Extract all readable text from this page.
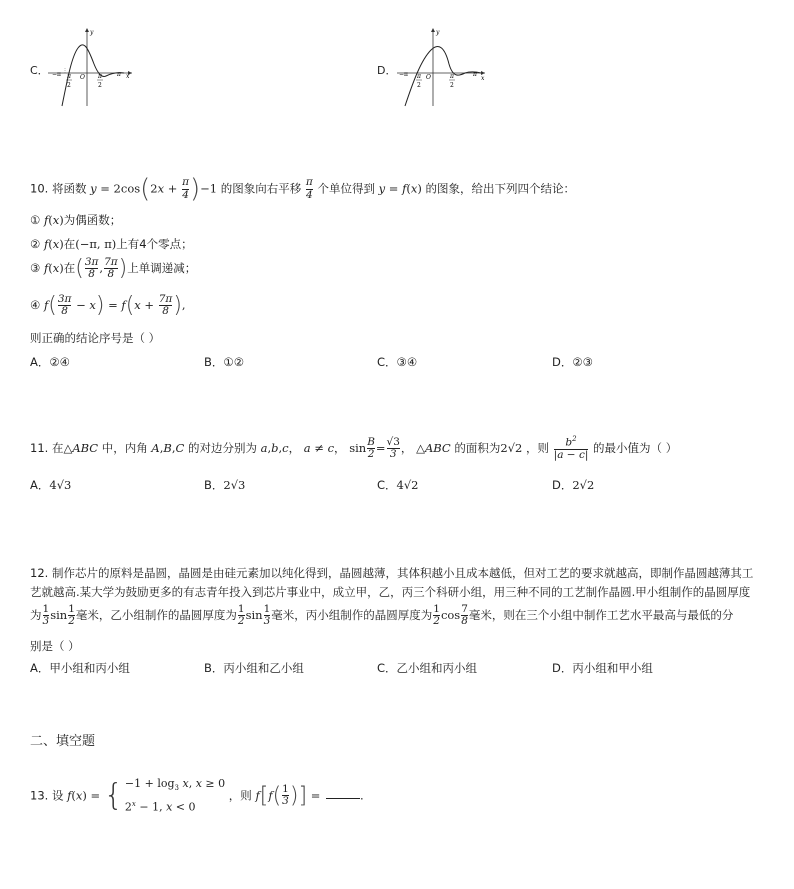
C． −π π
2
O π
2
π x
y
D． −π π
2
O	π
2
π
x
y
10. 将函数 $y = 2\cos(2x + \frac{\pi}{4} )-1$ 的图象向右平移 $\frac{\pi}{4}$ 个单位得到 y = f(x) 的图象，给出下列四个结论：
① f(x)为偶函数；
② f(x)在(−π, π)上有4个零点；
③ f(x)在( $\frac{3\pi}{8}$ , $\frac{7\pi}{8}$ )上单调递减；
④ $f( \frac{3\pi}{8} - x) = f(x + \frac{7\pi}{8}$ ),
则正确的结论序号是（ ）
A．②④	B．①②	C．③④	D．②③
11. 在△ABC 中，内角 A,B,C 的对边分别为 a,b,c， a ≠ c， $\sin \frac{B}{2} = \frac{√3}{3}$ ， △ABC 的面积为2√2 ，则 $\frac{b^2}{|a - c|}$ 的最小值为（ ）
A．4√3	B．2√3	C．4√2	D．2√2
12. 制作芯片的原料是晶圆，晶圆是由硅元素加以纯化得到，晶圆越薄，其体积越小且成本越低，但对工艺的要求就越高，即制作晶圆越薄其工
艺就越高.某大学为鼓励更多的有志青年投入到芯片事业中，成立甲，乙，丙三个科研小组，用三种不同的工艺制作晶圆.甲小组制作的晶圆厚度
为 $\frac{1}{3}$ $\sin \frac{1}{2}$ 毫米，乙小组制作的晶圆厚度为 $\frac{1}{2}$ $\sin \frac{1}{3}$ 毫米，丙小组制作的晶圆厚度为 $\frac{1}{2}$ $\cos \frac{7}{8}$ 毫米，则在三个小组中制作工艺水平最高与最低的分
别是（ ）
A．甲小组和丙小组	B．丙小组和乙小组	C．乙小组和丙小组	D．丙小组和甲小组
二、填空题
13. 设 f(x) = { $-1 + \log_3 x$, x ≥ 0
$2^x - 1$, x < 0
，则 $f[f( \frac{1}{3}$ )] =	.
